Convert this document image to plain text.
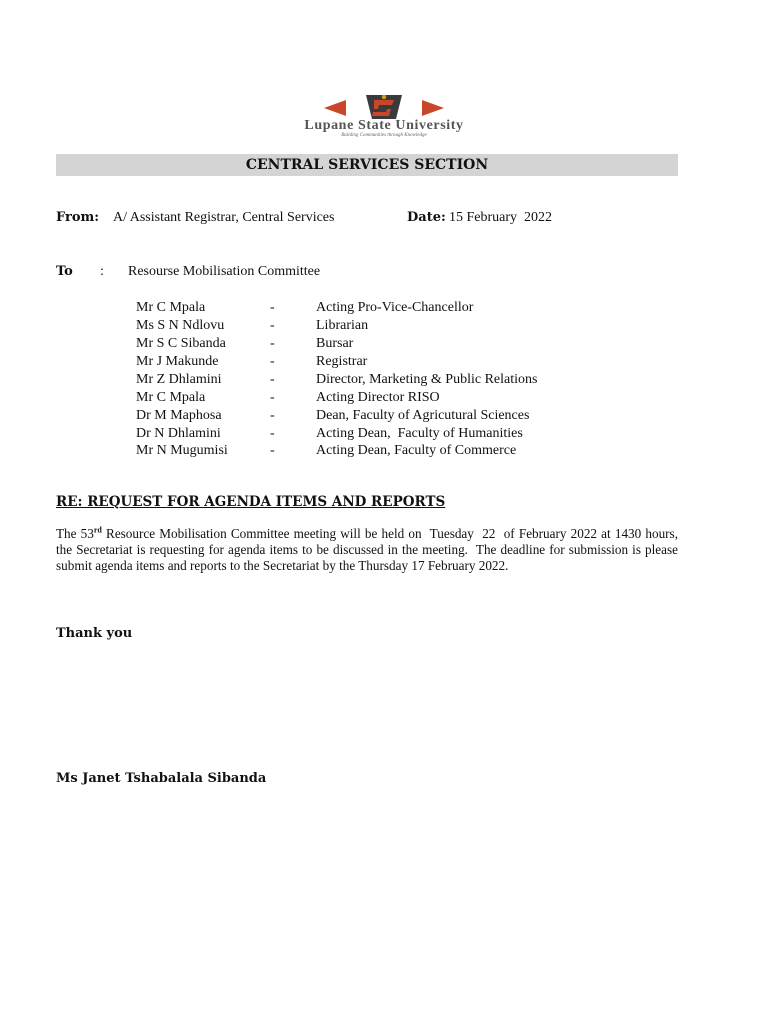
Lupane State University
Building Communities through Knowledge
CENTRAL SERVICES SECTION
From: A/ Assistant Registrar, Central Services	Date: 15 February  2022
To : Resourse Mobilisation Committee
Mr C Mpala	-	Acting Pro-Vice-Chancellor
Ms S N Ndlovu	-	Librarian
Mr S C Sibanda	-	Bursar
Mr J Makunde	-	Registrar
Mr Z Dhlamini	-	Director, Marketing & Public Relations
Mr C Mpala	-	Acting Director RISO
Dr M Maphosa	-	Dean, Faculty of Agricutural Sciences
Dr N Dhlamini	-	Acting Dean,  Faculty of Humanities
Mr N Mugumisi	-	Acting Dean, Faculty of Commerce
RE: REQUEST FOR AGENDA ITEMS AND REPORTS
The 53rd Resource Mobilisation Committee meeting will be held on  Tuesday  22  of February 2022 at 1430 hours,  the Secretariat is requesting for agenda items to be discussed in the meeting.  The deadline for submission is please submit agenda items and reports to the Secretariat by the Thursday 17 February 2022.
Thank you
Ms Janet Tshabalala Sibanda
